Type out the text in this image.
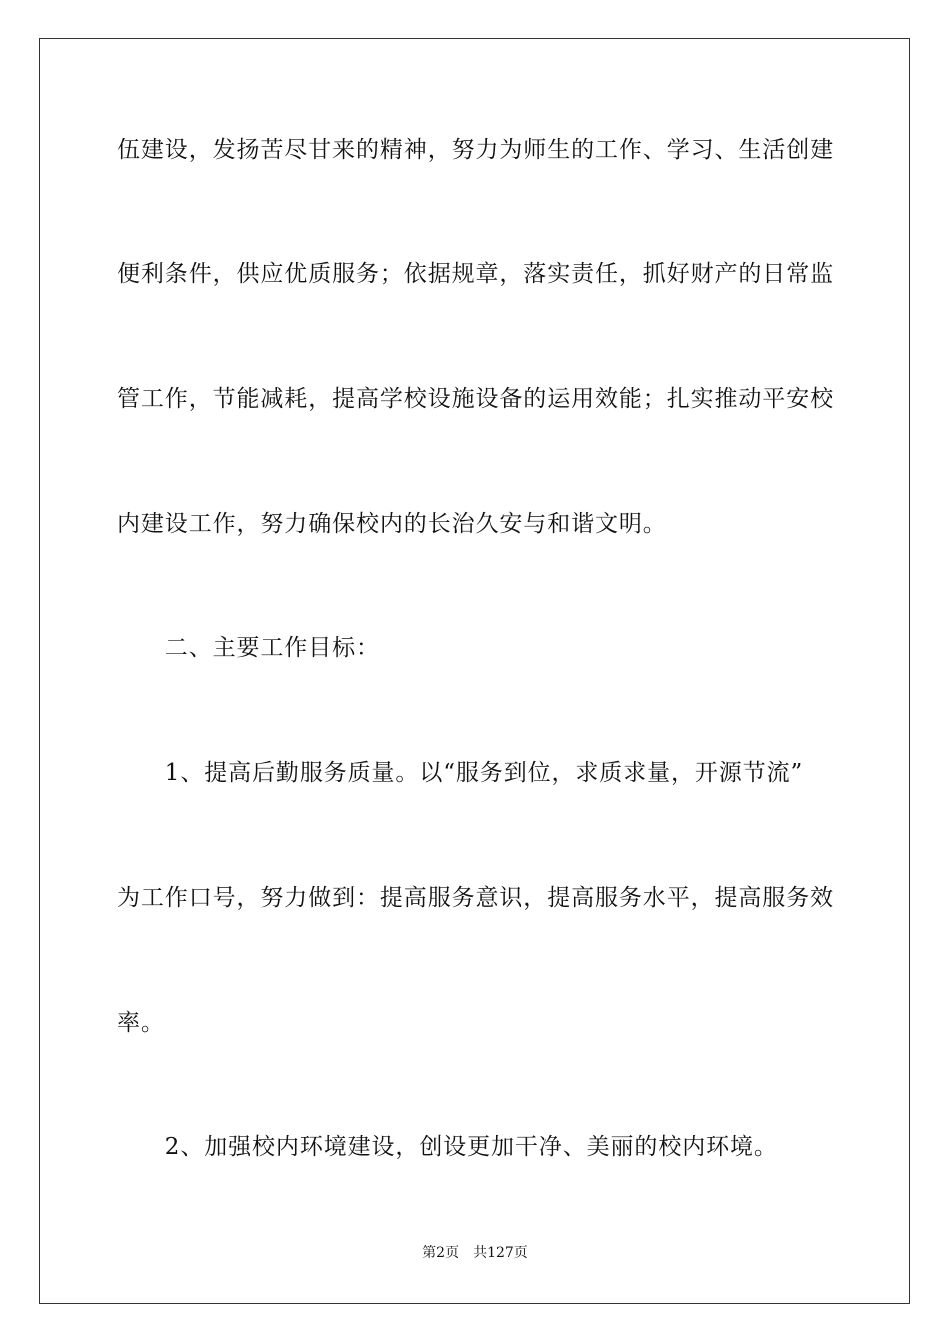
伍建设，发扬苦尽甘来的精神，努力为师生的工作、学习、生活创建
便利条件，供应优质服务；依据规章，落实责任，抓好财产的日常监
管工作，节能减耗，提高学校设施设备的运用效能；扎实推动平安校
内建设工作，努力确保校内的长治久安与和谐文明。
　　二、主要工作目标：
　　1、提高后勤服务质量。以“服务到位，求质求量，开源节流”
为工作口号，努力做到：提高服务意识，提高服务水平，提高服务效
率。
　　2、加强校内环境建设，创设更加干净、美丽的校内环境。
第2页　共127页
